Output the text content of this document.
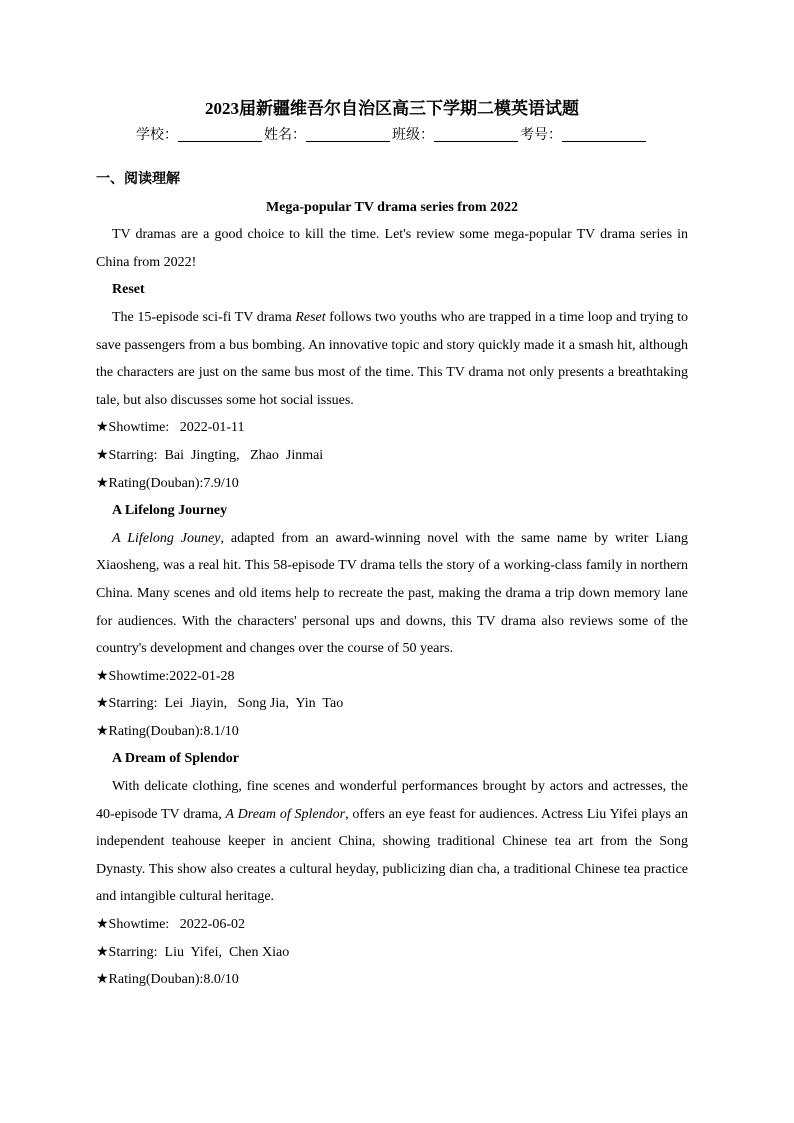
2023届新疆维吾尔自治区高三下学期二模英语试题
学校：	姓名：	班级：	考号：
一、阅读理解
Mega-popular TV drama series from 2022

TV dramas are a good choice to kill the time. Let's review some mega-popular TV drama series in China from 2022!

Reset

The 15-episode sci-fi TV drama Reset follows two youths who are trapped in a time loop and trying to save passengers from a bus bombing. An innovative topic and story quickly made it a smash hit, although the characters are just on the same bus most of the time. This TV drama not only presents a breathtaking tale, but also discusses some hot social issues.

★Showtime:   2022-01-11
★Starring:  Bai  Jingting,   Zhao  Jinmai
★Rating(Douban):7.9/10
A Lifelong Journey

A Lifelong Jouney, adapted from an award-winning novel with the same name by writer Liang Xiaosheng, was a real hit. This 58-episode TV drama tells the story of a working-class family in northern China. Many scenes and old items help to recreate the past, making the drama a trip down memory lane for audiences. With the characters' personal ups and downs, this TV drama also reviews some of the country's development and changes over the course of 50 years.

★Showtime:2022-01-28
★Starring:  Lei  Jiayin,   Song Jia,  Yin  Tao
★Rating(Douban):8.1/10
A Dream of Splendor

With delicate clothing, fine scenes and wonderful performances brought by actors and actresses, the 40-episode TV drama, A Dream of Splendor, offers an eye feast for audiences. Actress Liu Yifei plays an independent teahouse keeper in ancient China, showing traditional Chinese tea art from the Song Dynasty. This show also creates a cultural heyday, publicizing dian cha, a traditional Chinese tea practice and intangible cultural heritage.

★Showtime:   2022-06-02
★Starring:  Liu  Yifei,  Chen Xiao
★Rating(Douban):8.0/10
